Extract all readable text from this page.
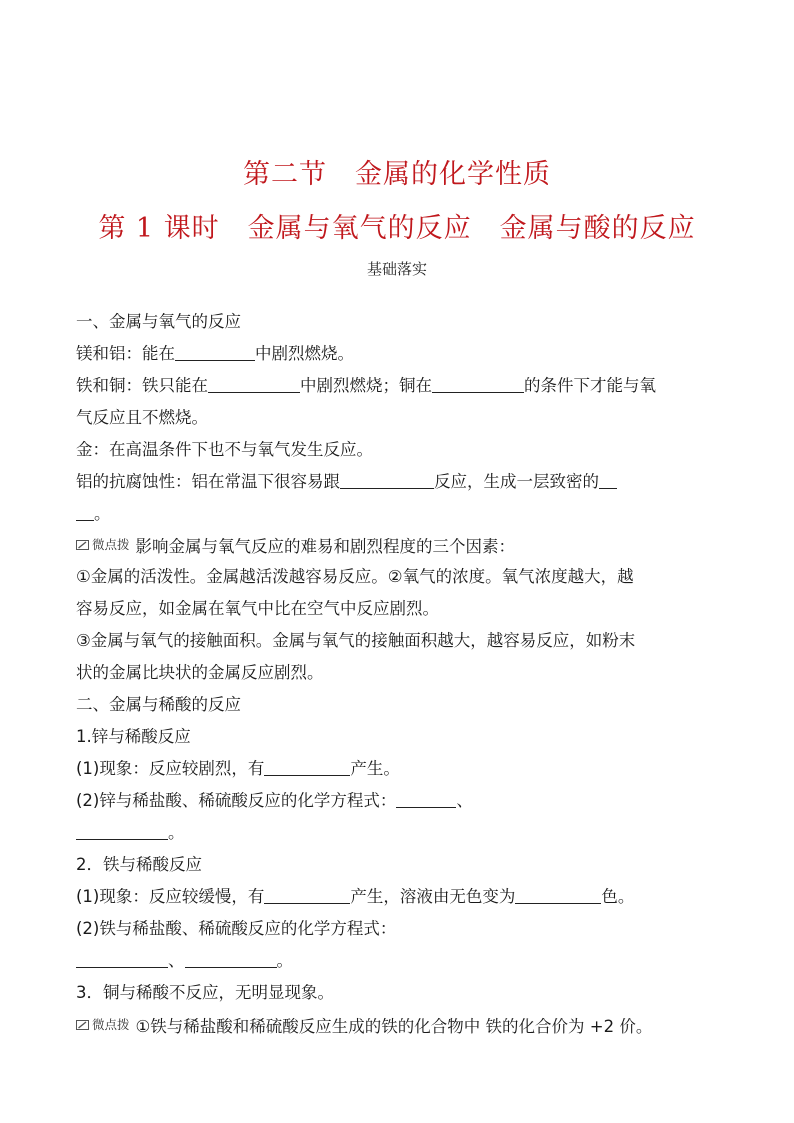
第二节　金属的化学性质
第 1 课时　金属与氧气的反应　金属与酸的反应
基础落实
一、金属与氧气的反应
镁和铝：能在	中剧烈燃烧。
铁和铜：铁只能在	中剧烈燃烧；铜在	的条件下才能与氧
气反应且不燃烧。
金：在高温条件下也不与氧气发生反应。
铝的抗腐蚀性：铝在常温下很容易跟	反应，生成一层致密的
。
微点拨 影响金属与氧气反应的难易和剧烈程度的三个因素：
①金属的活泼性。金属越活泼越容易反应。②氧气的浓度。氧气浓度越大，越
容易反应，如金属在氧气中比在空气中反应剧烈。
③金属与氧气的接触面积。金属与氧气的接触面积越大，越容易反应，如粉末
状的金属比块状的金属反应剧烈。
二、金属与稀酸的反应
1.锌与稀酸反应
(1)现象：反应较剧烈，有	产生。
(2)锌与稀盐酸、稀硫酸反应的化学方程式：	、
。
2．铁与稀酸反应
(1)现象：反应较缓慢，有	产生，溶液由无色变为	色。
(2)铁与稀盐酸、稀硫酸反应的化学方程式：
、	。
3．铜与稀酸不反应，无明显现象。
微点拨 ①铁与稀盐酸和稀硫酸反应生成的铁的化合物中 铁的化合价为 +2 价。
